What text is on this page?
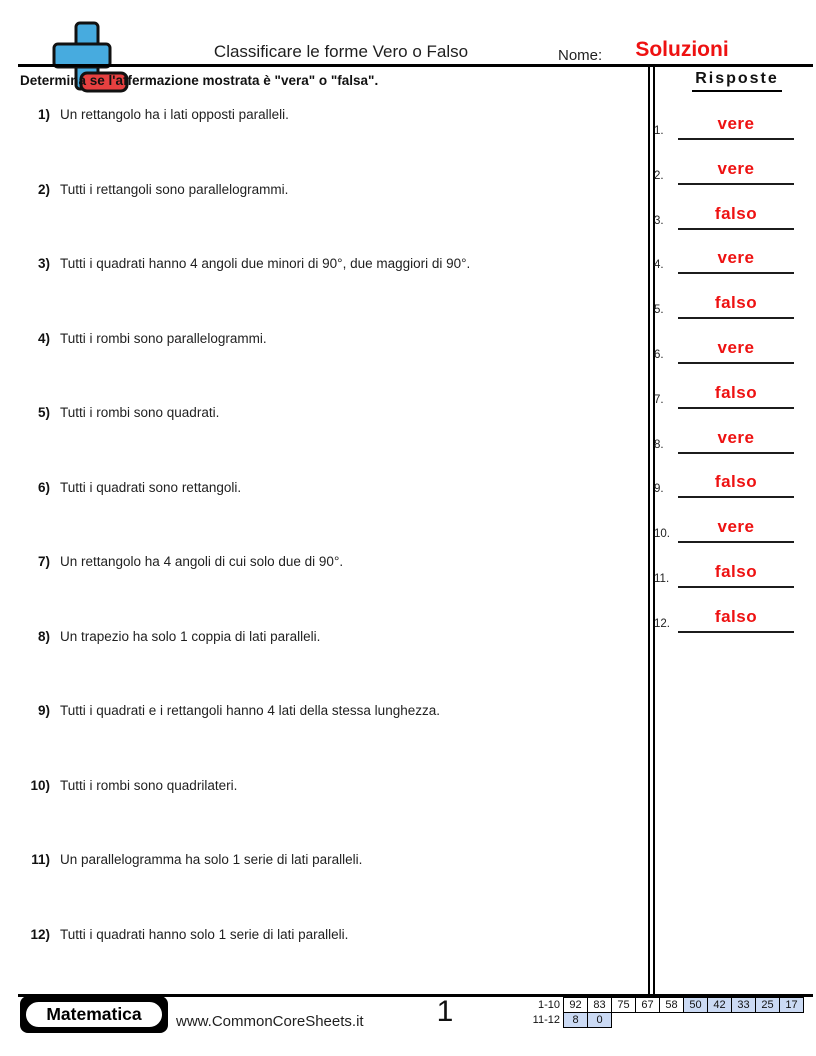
Classificare le forme Vero o Falso	Nome:	Soluzioni
Determina se l'affermazione mostrata è "vera" o "falsa".	Risposte
1.	vere
2.	vere
3.	falso
4.	vere
5.	falso
6.	vere
7.	falso
8.	vere
9.	falso
10.	vere
11.	falso
12.	falso
1) Un rettangolo ha i lati opposti paralleli.
2) Tutti i rettangoli sono parallelogrammi.
3) Tutti i quadrati hanno 4 angoli due minori di 90°, due maggiori di 90°.
4) Tutti i rombi sono parallelogrammi.
5) Tutti i rombi sono quadrati.
6) Tutti i quadrati sono rettangoli.
7) Un rettangolo ha 4 angoli di cui solo due di 90°.
8) Un trapezio ha solo 1 coppia di lati paralleli.
9) Tutti i quadrati e i rettangoli hanno 4 lati della stessa lunghezza.
10) Tutti i rombi sono quadrilateri.
11) Un parallelogramma ha solo 1 serie di lati paralleli.
12) Tutti i quadrati hanno solo 1 serie di lati paralleli.
Matematica	www.CommonCoreSheets.it	1	1-10 92	83	75	67	58	50	42	33	25	17
11-12	8	0
